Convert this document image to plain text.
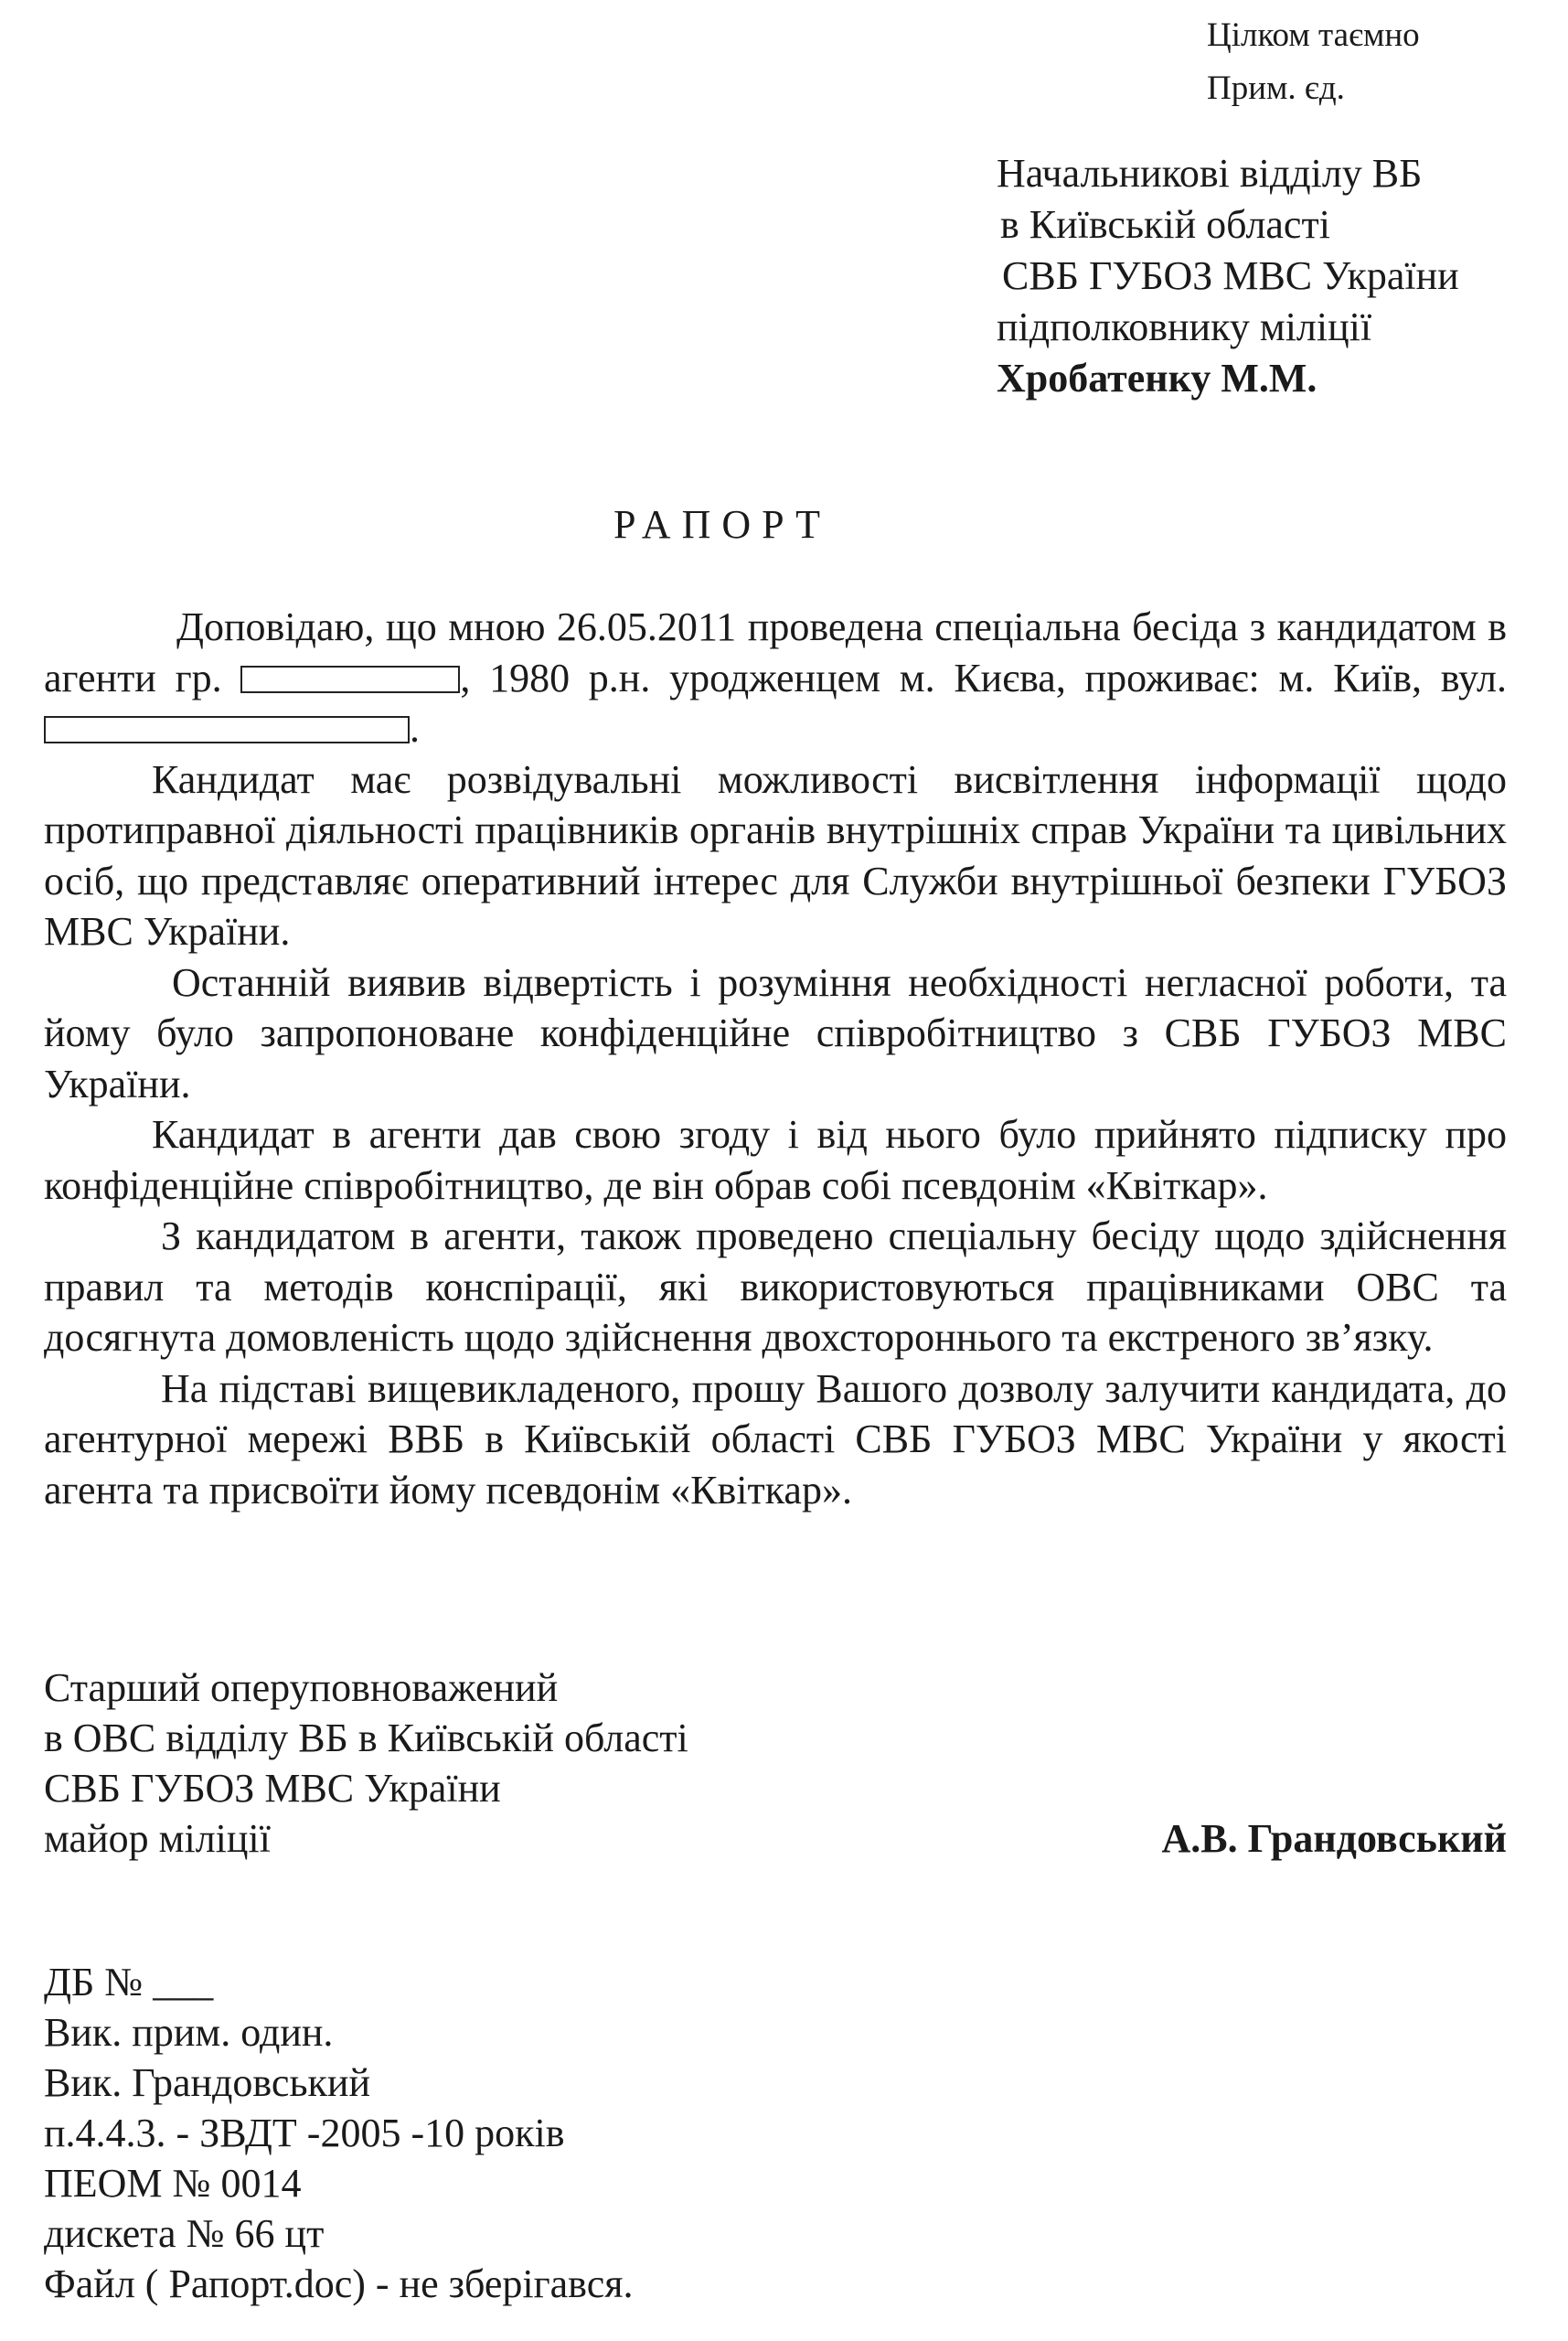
Цілком таємно
Прим. єд.
Начальникові відділу ВБ
в Київській області
СВБ ГУБОЗ МВС України
підполковнику міліції
Хробатенку М.М.
РАПОРТ

Доповідаю, що мною 26.05.2011 проведена спеціальна бесіда з кандидатом в агенти гр.	, 1980 р.н. уродженцем м. Києва, проживає: м. Київ, вул..

Кандидат має розвідувальні можливості висвітлення інформації щодо протиправної діяльності працівників органів внутрішніх справ України та цивільних осіб, що представляє оперативний інтерес для Служби внутрішньої безпеки ГУБОЗ МВС України.

Останній виявив відвертість і розуміння необхідності негласної роботи, та йому було запропоноване конфіденційне співробітництво з СВБ ГУБОЗ МВС України.

Кандидат в агенти дав свою згоду і від нього було прийнято підписку про конфіденційне співробітництво, де він обрав собі псевдонім «Квіткар».

З кандидатом в агенти, також проведено спеціальну бесіду щодо здійснення правил та методів конспірації, які використовуються працівниками ОВС та досягнута домовленість щодо здійснення двохстороннього та екстреного зв’язку.

На підставі вищевикладеного, прошу Вашого дозволу залучити кандидата, до агентурної мережі ВВБ в Київській області СВБ ГУБОЗ МВС України у якості агента та присвоїти йому псевдонім «Квіткар».

Старший оперуповноважений
в ОВС відділу ВБ в Київській області
СВБ ГУБОЗ МВС України
майор міліції	А.В. Грандовський
ДБ № ___
Вик. прим. один.
Вик. Грандовський
п.4.4.3. - ЗВДТ -2005 -10 років
ПЕОМ № 0014
дискета № 66 цт
Файл ( Рапорт.doc) - не зберігався.
